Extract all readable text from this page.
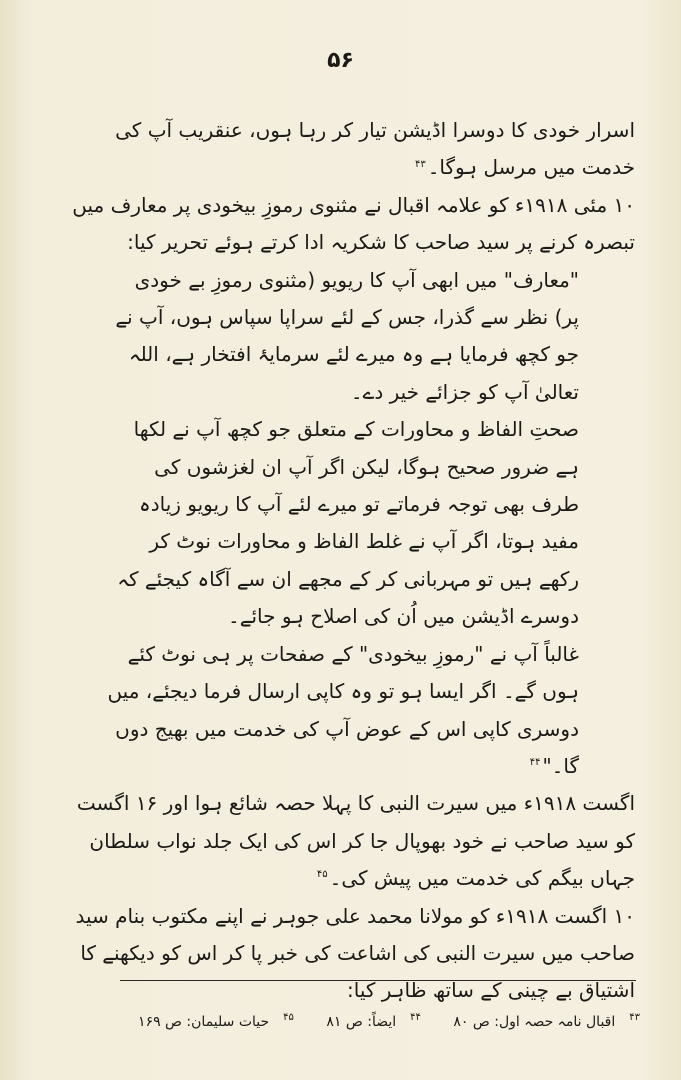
۵۶

اسرار خودی کا دوسرا اڈیشن تیار کر رہا ہوں، عنقریب آپ کی خدمت میں مرسل ہوگا۔$^{۴۳}$

۱۰ مئی ۱۹۱۸ء کو علامہ اقبال نے مثنوی رموزِ بیخودی پر معارف میں تبصرہ کرنے پر سید صاحب کا شکریہ ادا کرتے ہوئے تحریر کیا:

"معارف" میں ابھی آپ کا ریویو (مثنوی رموزِ بے خودی پر) نظر سے گذرا، جس کے لئے سراپا سپاس ہوں، آپ نے جو کچھ فرمایا ہے وہ میرے لئے سرمایۂ افتخار ہے، اللہ تعالیٰ آپ کو جزائے خیر دے۔

صحتِ الفاظ و محاورات کے متعلق جو کچھ آپ نے لکھا ہے ضرور صحیح ہوگا، لیکن اگر آپ ان لغزشوں کی طرف بھی توجہ فرماتے تو میرے لئے آپ کا ریویو زیادہ مفید ہوتا، اگر آپ نے غلط الفاظ و محاورات نوٹ کر رکھے ہیں تو مہربانی کر کے مجھے ان سے آگاہ کیجئے کہ دوسرے اڈیشن میں اُن کی اصلاح ہو جائے۔

غالباً آپ نے "رموزِ بیخودی" کے صفحات پر ہی نوٹ کئے ہوں گے۔ اگر ایسا ہو تو وہ کاپی ارسال فرما دیجئے، میں دوسری کاپی اس کے عوض آپ کی خدمت میں بھیج دوں گا۔"$^{۴۴}$

اگست ۱۹۱۸ء میں سیرت النبی کا پہلا حصہ شائع ہوا اور ۱۶ اگست کو سید صاحب نے خود بھوپال جا کر اس کی ایک جلد نواب سلطان جہاں بیگم کی خدمت میں پیش کی۔$^{۴۵}$

۱۰ اگست ۱۹۱۸ء کو مولانا محمد علی جوہر نے اپنے مکتوب بنام سید صاحب میں سیرت النبی کی اشاعت کی خبر پا کر اس کو دیکھنے کا اشتیاق بے چینی کے ساتھ ظاہر کیا:

$^{۴۳}$اقبال نامہ حصہ اول: ص ۸۰ $^{۴۴}$ایضاً: ص ۸۱ $^{۴۵}$حیات سلیمان: ص ۱۶۹
